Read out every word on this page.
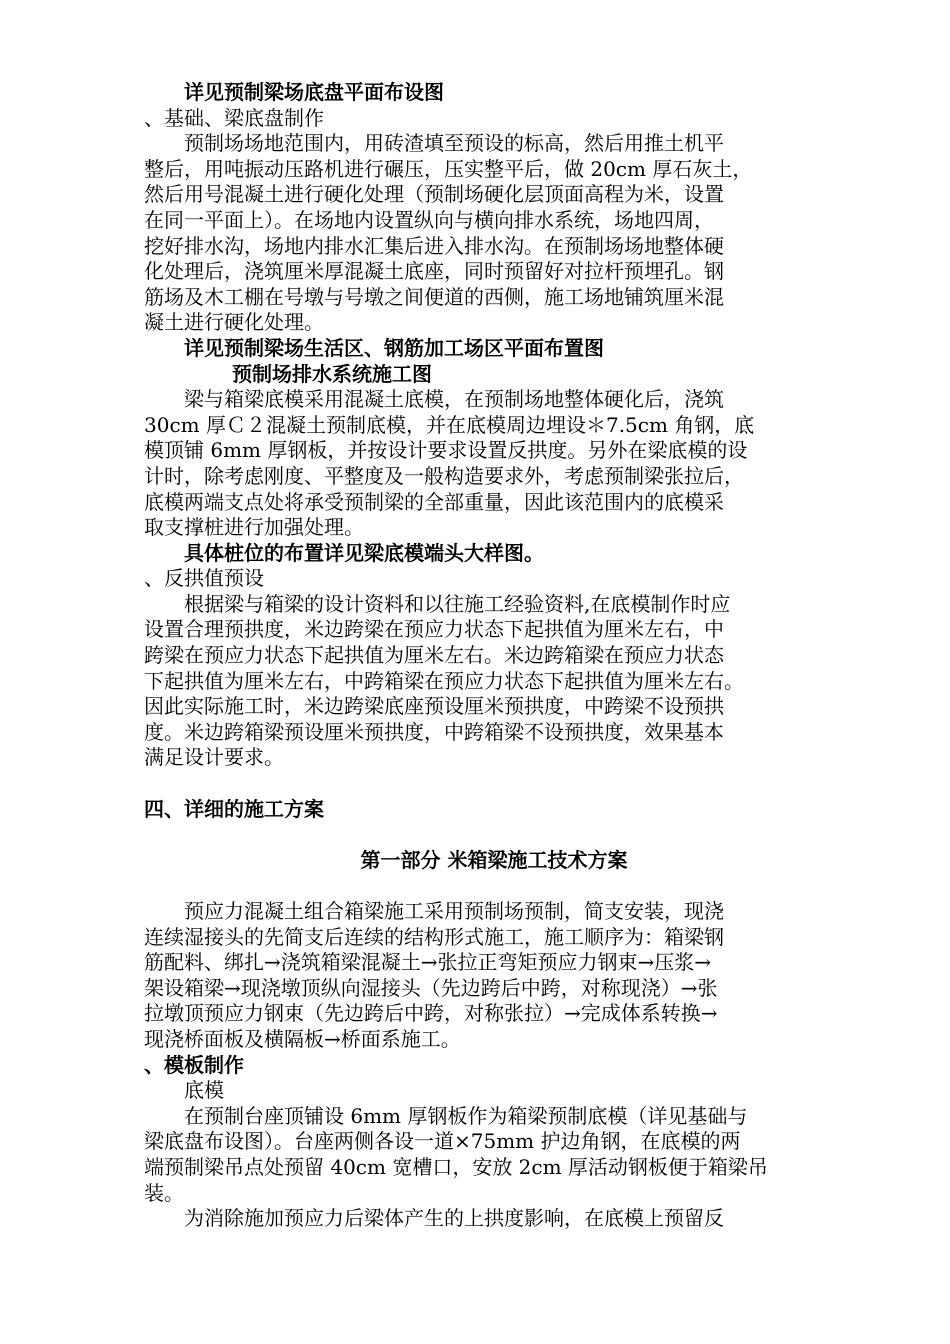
详见预制梁场底盘平面布设图
、基础、梁底盘制作
预制场场地范围内，用砖渣填至预设的标高，然后用推土机平
整后，用吨振动压路机进行碾压，压实整平后，做 20cm 厚石灰土，
然后用号混凝土进行硬化处理（预制场硬化层顶面高程为米，设置
在同一平面上）。在场地内设置纵向与横向排水系统，场地四周，
挖好排水沟，场地内排水汇集后进入排水沟。在预制场场地整体硬
化处理后，浇筑厘米厚混凝土底座，同时预留好对拉杆预埋孔。钢
筋场及木工棚在号墩与号墩之间便道的西侧，施工场地铺筑厘米混
凝土进行硬化处理。
详见预制梁场生活区、钢筋加工场区平面布置图
预制场排水系统施工图
梁与箱梁底模采用混凝土底模，在预制场地整体硬化后，浇筑
30cm 厚Ｃ２混凝土预制底模，并在底模周边埋设＊7.5cm 角钢，底
模顶铺 6mm 厚钢板，并按设计要求设置反拱度。另外在梁底模的设
计时，除考虑刚度、平整度及一般构造要求外，考虑预制梁张拉后，
底模两端支点处将承受预制梁的全部重量，因此该范围内的底模采
取支撑桩进行加强处理。
具体桩位的布置详见梁底模端头大样图。
、反拱值预设
根据梁与箱梁的设计资料和以往施工经验资料,在底模制作时应
设置合理预拱度，米边跨梁在预应力状态下起拱值为厘米左右，中
跨梁在预应力状态下起拱值为厘米左右。米边跨箱梁在预应力状态
下起拱值为厘米左右，中跨箱梁在预应力状态下起拱值为厘米左右。
因此实际施工时，米边跨梁底座预设厘米预拱度，中跨梁不设预拱
度。米边跨箱梁预设厘米预拱度，中跨箱梁不设预拱度，效果基本
满足设计要求。
四、详细的施工方案
第一部分 米箱梁施工技术方案
预应力混凝土组合箱梁施工采用预制场预制，简支安装，现浇
连续湿接头的先简支后连续的结构形式施工，施工顺序为：箱梁钢
筋配料、绑扎→浇筑箱梁混凝土→张拉正弯矩预应力钢束→压浆→
架设箱梁→现浇墩顶纵向湿接头（先边跨后中跨，对称现浇）→张
拉墩顶预应力钢束（先边跨后中跨，对称张拉）→完成体系转换→
现浇桥面板及横隔板→桥面系施工。
、模板制作
底模
在预制台座顶铺设 6mm 厚钢板作为箱梁预制底模（详见基础与
梁底盘布设图）。台座两侧各设一道×75mm 护边角钢，在底模的两
端预制梁吊点处预留 40cm 宽槽口，安放 2cm 厚活动钢板便于箱梁吊
装。
为消除施加预应力后梁体产生的上拱度影响，在底模上预留反
